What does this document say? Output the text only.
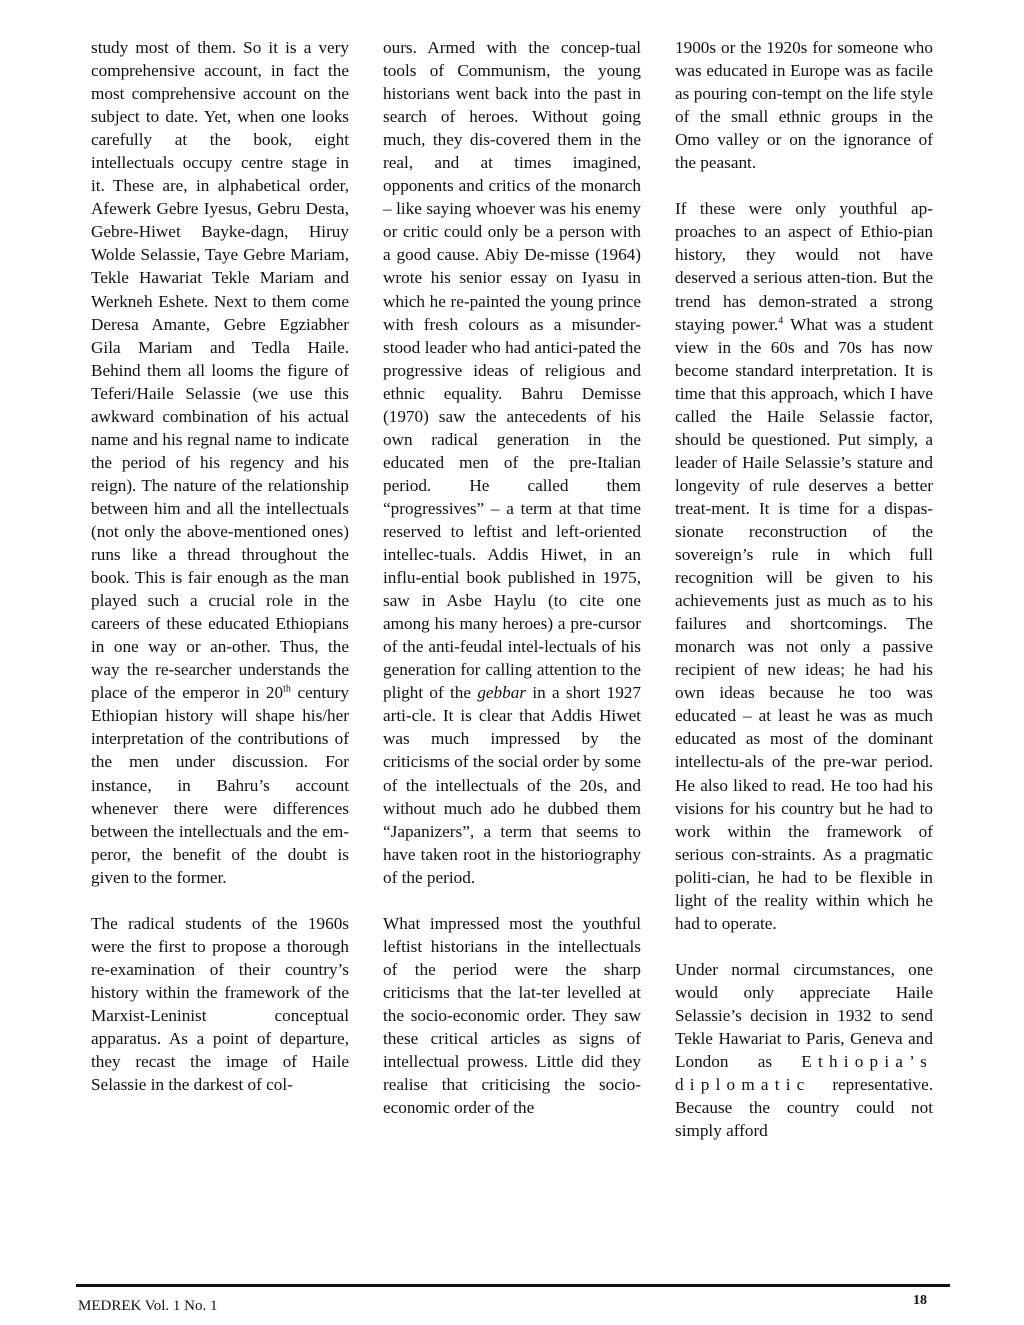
study most of them. So it is a very comprehensive account, in fact the most comprehensive account on the subject to date. Yet, when one looks carefully at the book, eight intellectuals occupy centre stage in it. These are, in alphabetical order, Afewerk Gebre Iyesus, Gebru Desta, Gebre-Hiwet Bayke-dagn, Hiruy Wolde Selassie, Taye Gebre Mariam, Tekle Hawariat Tekle Mariam and Werkneh Eshete. Next to them come Deresa Amante, Gebre Egziabher Gila Mariam and Tedla Haile. Behind them all looms the figure of Teferi/Haile Selassie (we use this awkward combination of his actual name and his regnal name to indicate the period of his regency and his reign). The nature of the relationship between him and all the intellectuals (not only the above-mentioned ones) runs like a thread throughout the book. This is fair enough as the man played such a crucial role in the careers of these educated Ethiopians in one way or an-other. Thus, the way the re-searcher understands the place of the emperor in 20th century Ethiopian history will shape his/her interpretation of the contributions of the men under discussion. For instance, in Bahru’s account whenever there were differences between the intellectuals and the em-peror, the benefit of the doubt is given to the former.

The radical students of the 1960s were the first to propose a thorough re-examination of their country’s history within the framework of the Marxist-Leninist conceptual apparatus. As a point of departure, they recast the image of Haile Selassie in the darkest of col-

ours. Armed with the concep-tual tools of Communism, the young historians went back into the past in search of heroes. Without going much, they dis-covered them in the real, and at times imagined, opponents and critics of the monarch – like saying whoever was his enemy or critic could only be a person with a good cause. Abiy De-misse (1964) wrote his senior essay on Iyasu in which he re-painted the young prince with fresh colours as a misunder-stood leader who had antici-pated the progressive ideas of religious and ethnic equality. Bahru Demisse (1970) saw the antecedents of his own radical generation in the educated men of the pre-Italian period. He called them “progressives” – a term at that time reserved to leftist and left-oriented intellec-tuals. Addis Hiwet, in an influ-ential book published in 1975, saw in Asbe Haylu (to cite one among his many heroes) a pre-cursor of the anti-feudal intel-lectuals of his generation for calling attention to the plight of the gebbar in a short 1927 arti-cle. It is clear that Addis Hiwet was much impressed by the criticisms of the social order by some of the intellectuals of the 20s, and without much ado he dubbed them “Japanizers”, a term that seems to have taken root in the historiography of the period.

What impressed most the youthful leftist historians in the intellectuals of the period were the sharp criticisms that the lat-ter levelled at the socio-economic order. They saw these critical articles as signs of intellectual prowess. Little did they realise that criticising the socio-economic order of the

1900s or the 1920s for someone who was educated in Europe was as facile as pouring con-tempt on the life style of the small ethnic groups in the Omo valley or on the ignorance of the peasant.

If these were only youthful ap-proaches to an aspect of Ethio-pian history, they would not have deserved a serious atten-tion. But the trend has demon-strated a strong staying power.$^4$ What was a student view in the 60s and 70s has now become standard interpretation. It is time that this approach, which I have called the Haile Selassie factor, should be questioned. Put simply, a leader of Haile Selassie’s stature and longevity of rule deserves a better treat-ment. It is time for a dispas-sionate reconstruction of the sovereign’s rule in which full recognition will be given to his achievements just as much as to his failures and shortcomings. The monarch was not only a passive recipient of new ideas; he had his own ideas because he too was educated – at least he was as much educated as most of the dominant intellectu-als of the pre-war period. He also liked to read. He too had his visions for his country but he had to work within the framework of serious con-straints. As a pragmatic politi-cian, he had to be flexible in light of the reality within which he had to operate.

Under normal circumstances, one would only appreciate Haile Selassie’s decision in 1932 to send Tekle Hawariat to Paris, Geneva and London as Ethiopia’s diplomatic representative. Because the country could not simply afford

MEDREK Vol. 1 No. 1	18
